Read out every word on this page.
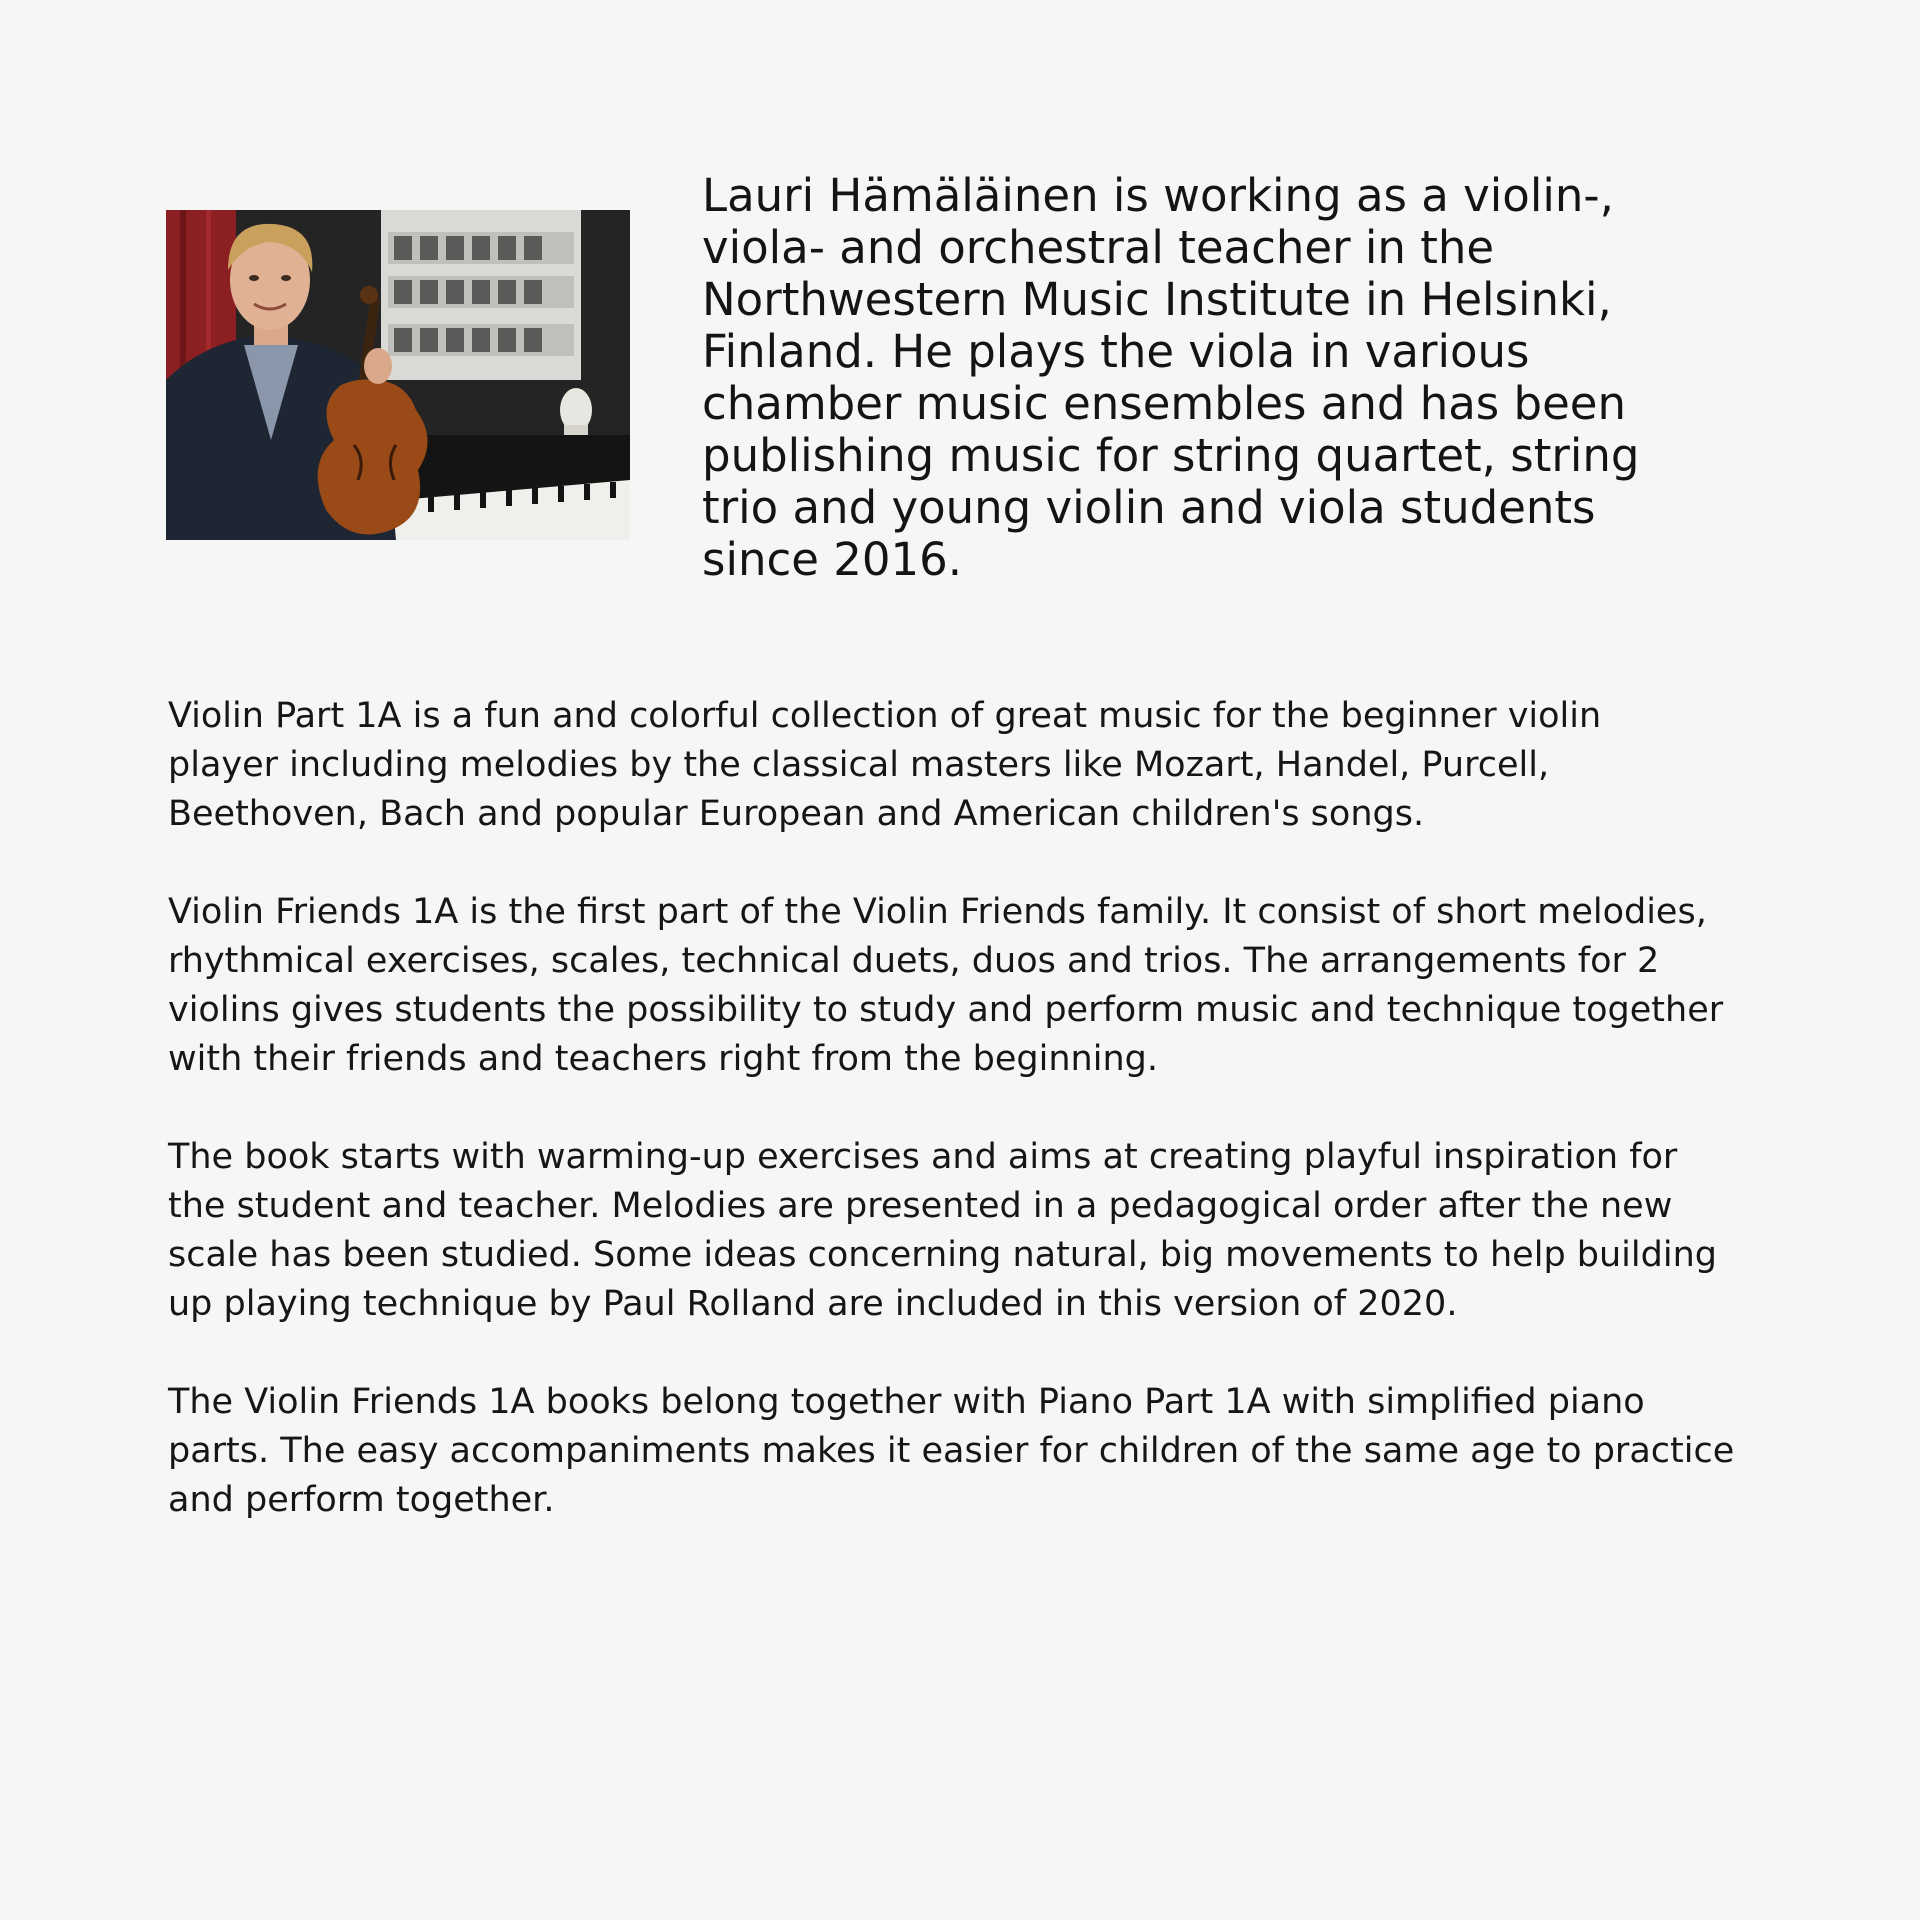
Lauri Hämäläinen is working as a violin-,
viola- and orchestral teacher in the
Northwestern Music Institute in Helsinki,
Finland. He plays the viola in various
chamber music ensembles and has been
publishing music for string quartet, string
trio and young violin and viola students
since 2016.

Violin Part 1A is a fun and colorful collection of great music for the beginner violin
player including melodies by the classical masters like Mozart, Handel, Purcell,
Beethoven, Bach and popular European and American children's songs.

Violin Friends 1A is the first part of the Violin Friends family. It consist of short melodies,
rhythmical exercises, scales, technical duets, duos and trios. The arrangements for 2
violins gives students the possibility to study and perform music and technique together
with their friends and teachers right from the beginning.

The book starts with warming-up exercises and aims at creating playful inspiration for
the student and teacher. Melodies are presented in a pedagogical order after the new
scale has been studied. Some ideas concerning natural, big movements to help building
up playing technique by Paul Rolland are included in this version of 2020.

The Violin Friends 1A books belong together with Piano Part 1A with simplified piano
parts. The easy accompaniments makes it easier for children of the same age to practice
and perform together.
